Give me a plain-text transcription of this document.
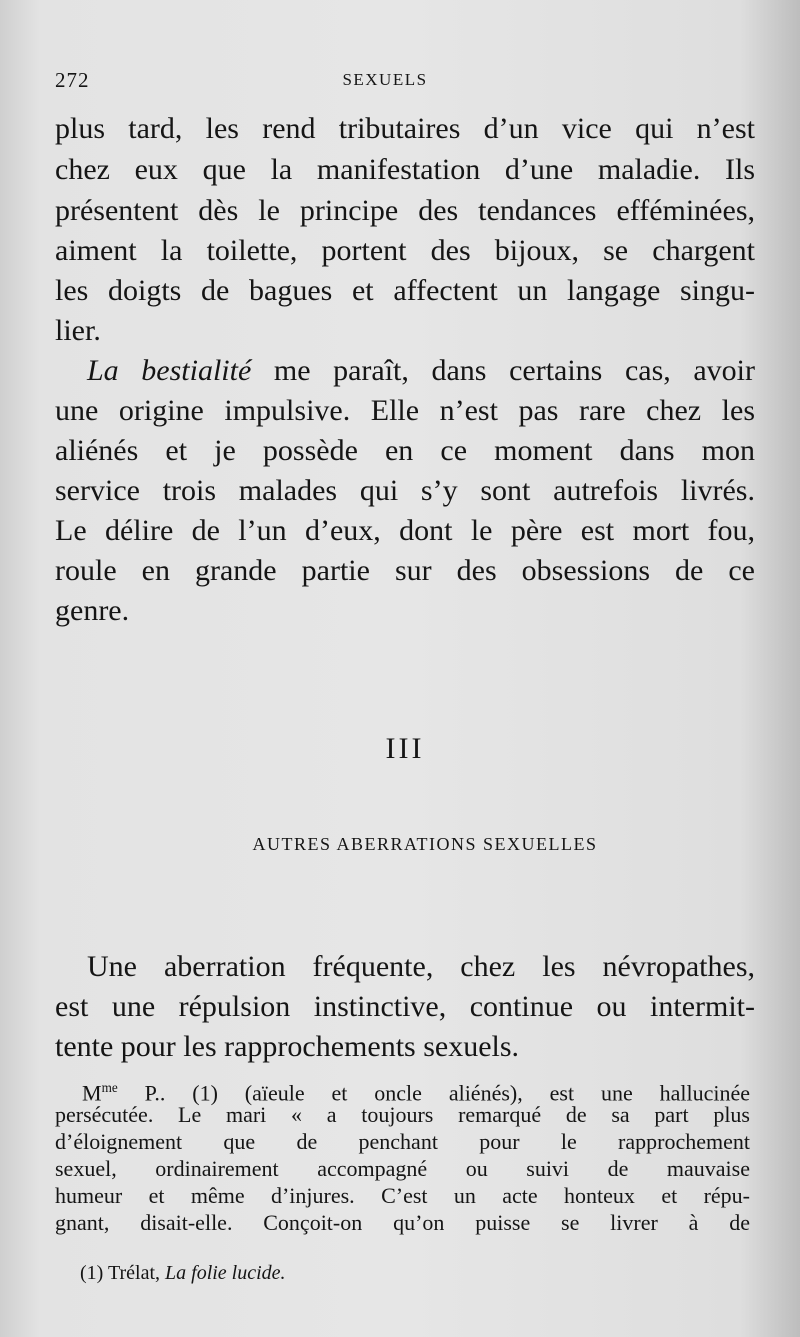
272	SEXUELS
plus tard, les rend tributaires d’un vice qui n’est
chez eux que la manifestation d’une maladie. Ils
présentent dès le principe des tendances efféminées,
aiment la toilette, portent des bijoux, se chargent
les doigts de bagues et affectent un langage singu-
lier.
La bestialité me paraît, dans certains cas, avoir
une origine impulsive. Elle n’est pas rare chez les
aliénés et je possède en ce moment dans mon
service trois malades qui s’y sont autrefois livrés.
Le délire de l’un d’eux, dont le père est mort fou,
roule en grande partie sur des obsessions de ce
genre.
III
AUTRES ABERRATIONS SEXUELLES
Une aberration fréquente, chez les névropathes,
est une répulsion instinctive, continue ou intermit-
tente pour les rapprochements sexuels.
$M^{me}$ P.. (1) (aïeule et oncle aliénés), est une hallucinée
persécutée. Le mari « a toujours remarqué de sa part plus
d’éloignement que de penchant pour le rapprochement
sexuel, ordinairement accompagné ou suivi de mauvaise
humeur et même d’injures. C’est un acte honteux et répu-
gnant, disait-elle. Conçoit-on qu’on puisse se livrer à de
(1) Trélat, La folie lucide.
